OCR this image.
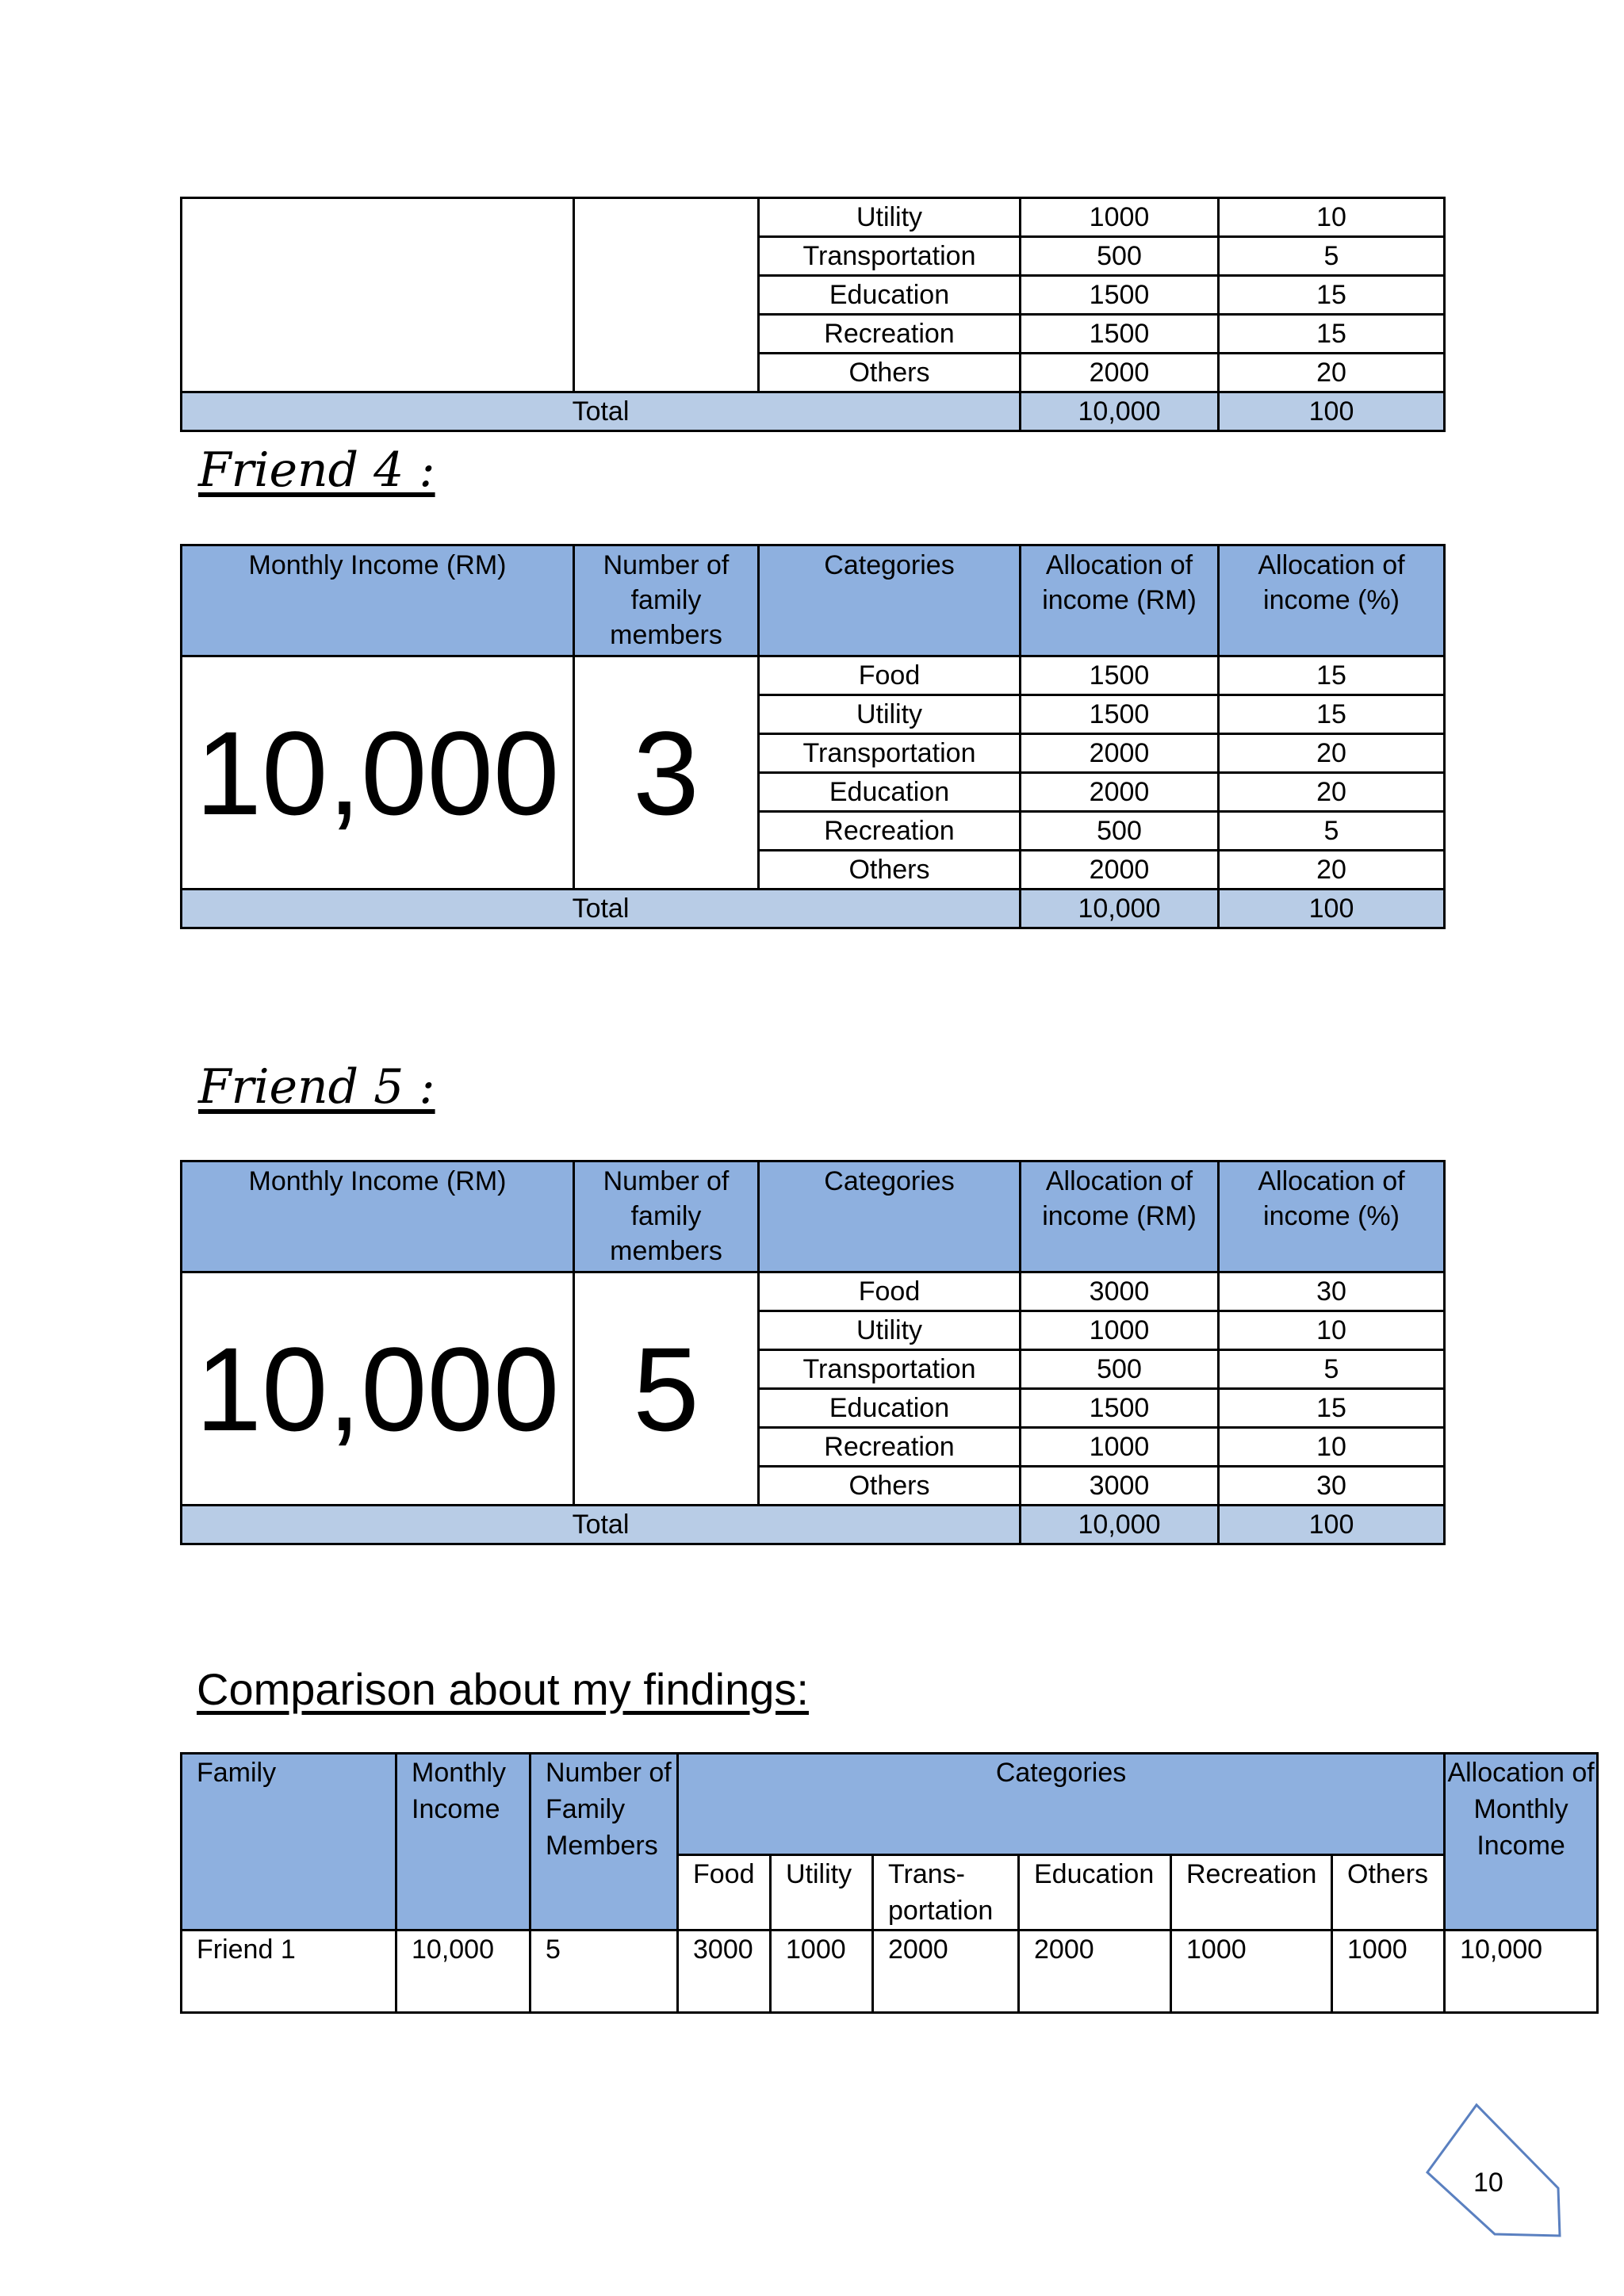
		Utility	1000	10
		Transportation	500	5
		Education	1500	15
		Recreation	1500	15
		Others	2000	20
Total			10,000	100
Friend 4 :
Monthly Income (RM)	Number of family members	Categories	Allocation of income (RM)	Allocation of income (%)
10,000	3	Food	1500	15
		Utility	1500	15
		Transportation	2000	20
		Education	2000	20
		Recreation	500	5
		Others	2000	20
Total			10,000	100
Friend 5 :
Monthly Income (RM)	Number of family members	Categories	Allocation of income (RM)	Allocation of income (%)
10,000	5	Food	3000	30
		Utility	1000	10
		Transportation	500	5
		Education	1500	15
		Recreation	1000	10
		Others	3000	30
Total			10,000	100
Comparison about my findings:
Family	Monthly Income	Number of Family Members	Categories						Allocation of Monthly Income
			Food	Utility	Trans- portation	Education	Recreation	Others	
Friend 1	10,000	5	3000	1000	2000	2000	1000	1000	10,000
10
